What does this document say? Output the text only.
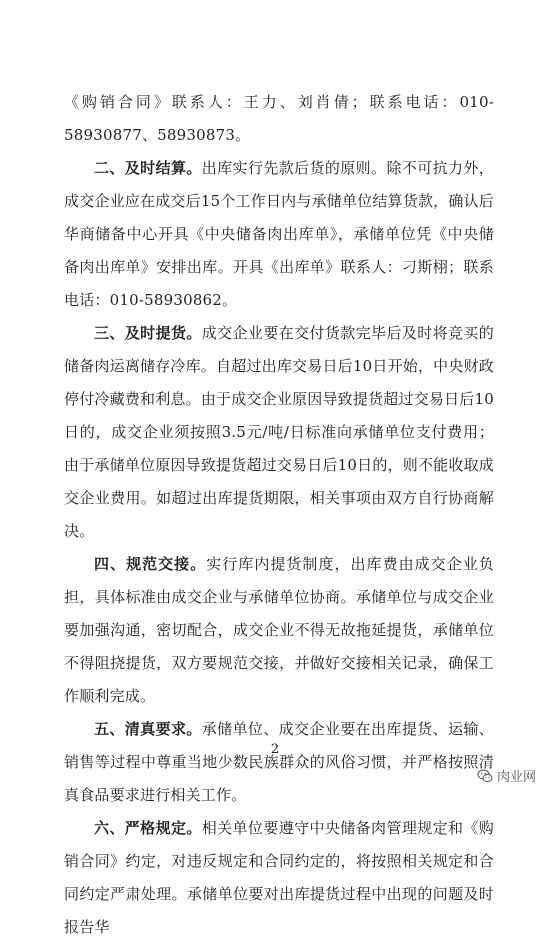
《购销合同》联系人：王力、刘肖倩；联系电话：010-58930877、58930873。

二、及时结算。出库实行先款后货的原则。除不可抗力外，成交企业应在成交后15个工作日内与承储单位结算货款，确认后华商储备中心开具《中央储备肉出库单》，承储单位凭《中央储备肉出库单》安排出库。开具《出库单》联系人：刁斯栩；联系电话：010-58930862。

三、及时提货。成交企业要在交付货款完毕后及时将竞买的储备肉运离储存冷库。自超过出库交易日后10日开始，中央财政停付冷藏费和利息。由于成交企业原因导致提货超过交易日后10日的，成交企业须按照3.5元/吨/日标准向承储单位支付费用；由于承储单位原因导致提货超过交易日后10日的，则不能收取成交企业费用。如超过出库提货期限，相关事项由双方自行协商解决。

四、规范交接。实行库内提货制度，出库费由成交企业负担，具体标准由成交企业与承储单位协商。承储单位与成交企业要加强沟通，密切配合，成交企业不得无故拖延提货，承储单位不得阻挠提货，双方要规范交接，并做好交接相关记录，确保工作顺利完成。

五、清真要求。承储单位、成交企业要在出库提货、运输、销售等过程中尊重当地少数民族群众的风俗习惯，并严格按照清真食品要求进行相关工作。

六、严格规定。相关单位要遵守中央储备肉管理规定和《购销合同》约定，对违反规定和合同约定的，将按照相关规定和合同约定严肃处理。承储单位要对出库提货过程中出现的问题及时报告华

2
肉业网
